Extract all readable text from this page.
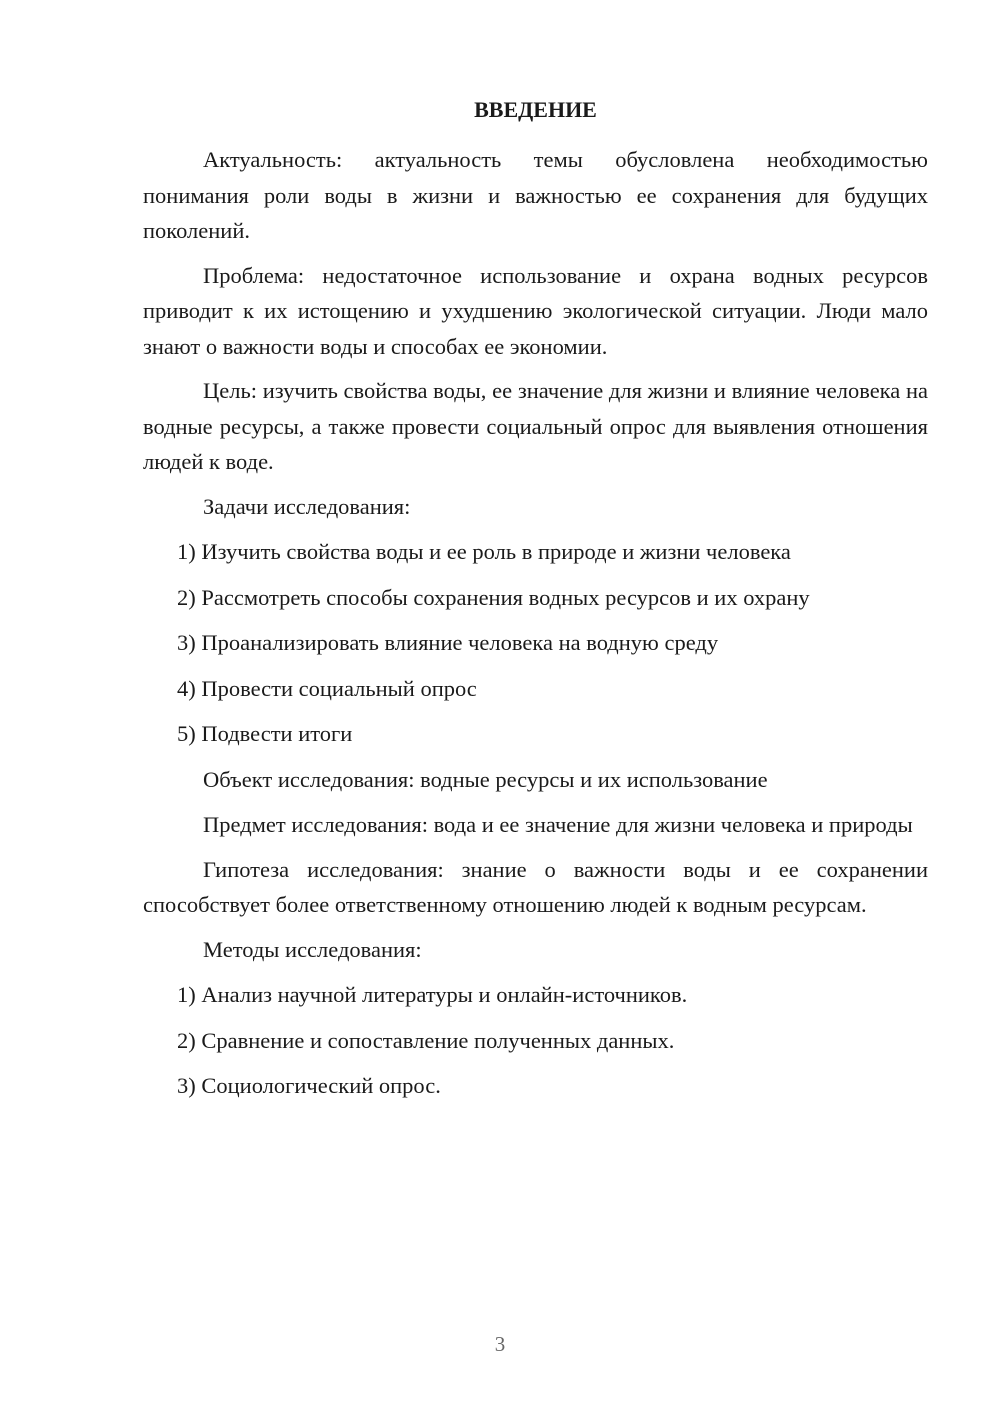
ВВЕДЕНИЕ

Актуальность: актуальность темы обусловлена необходимостью понимания роли воды в жизни и важностью ее сохранения для будущих поколений.

Проблема: недостаточное использование и охрана водных ресурсов приводит к их истощению и ухудшению экологической ситуации. Люди мало знают о важности воды и способах ее экономии.

Цель: изучить свойства воды, ее значение для жизни и влияние человека на водные ресурсы, а также провести социальный опрос для выявления отношения людей к воде.

Задачи исследования:

1) Изучить свойства воды и ее роль в природе и жизни человека
2) Рассмотреть способы сохранения водных ресурсов и их охрану
3) Проанализировать влияние человека на водную среду
4) Провести социальный опрос
5) Подвести итоги

Объект исследования: водные ресурсы и их использование

Предмет исследования: вода и ее значение для жизни человека и природы

Гипотеза исследования: знание о важности воды и ее сохранении способствует более ответственному отношению людей к водным ресурсам.

Методы исследования:

1) Анализ научной литературы и онлайн-источников.
2) Сравнение и сопоставление полученных данных.
3) Социологический опрос.
3
